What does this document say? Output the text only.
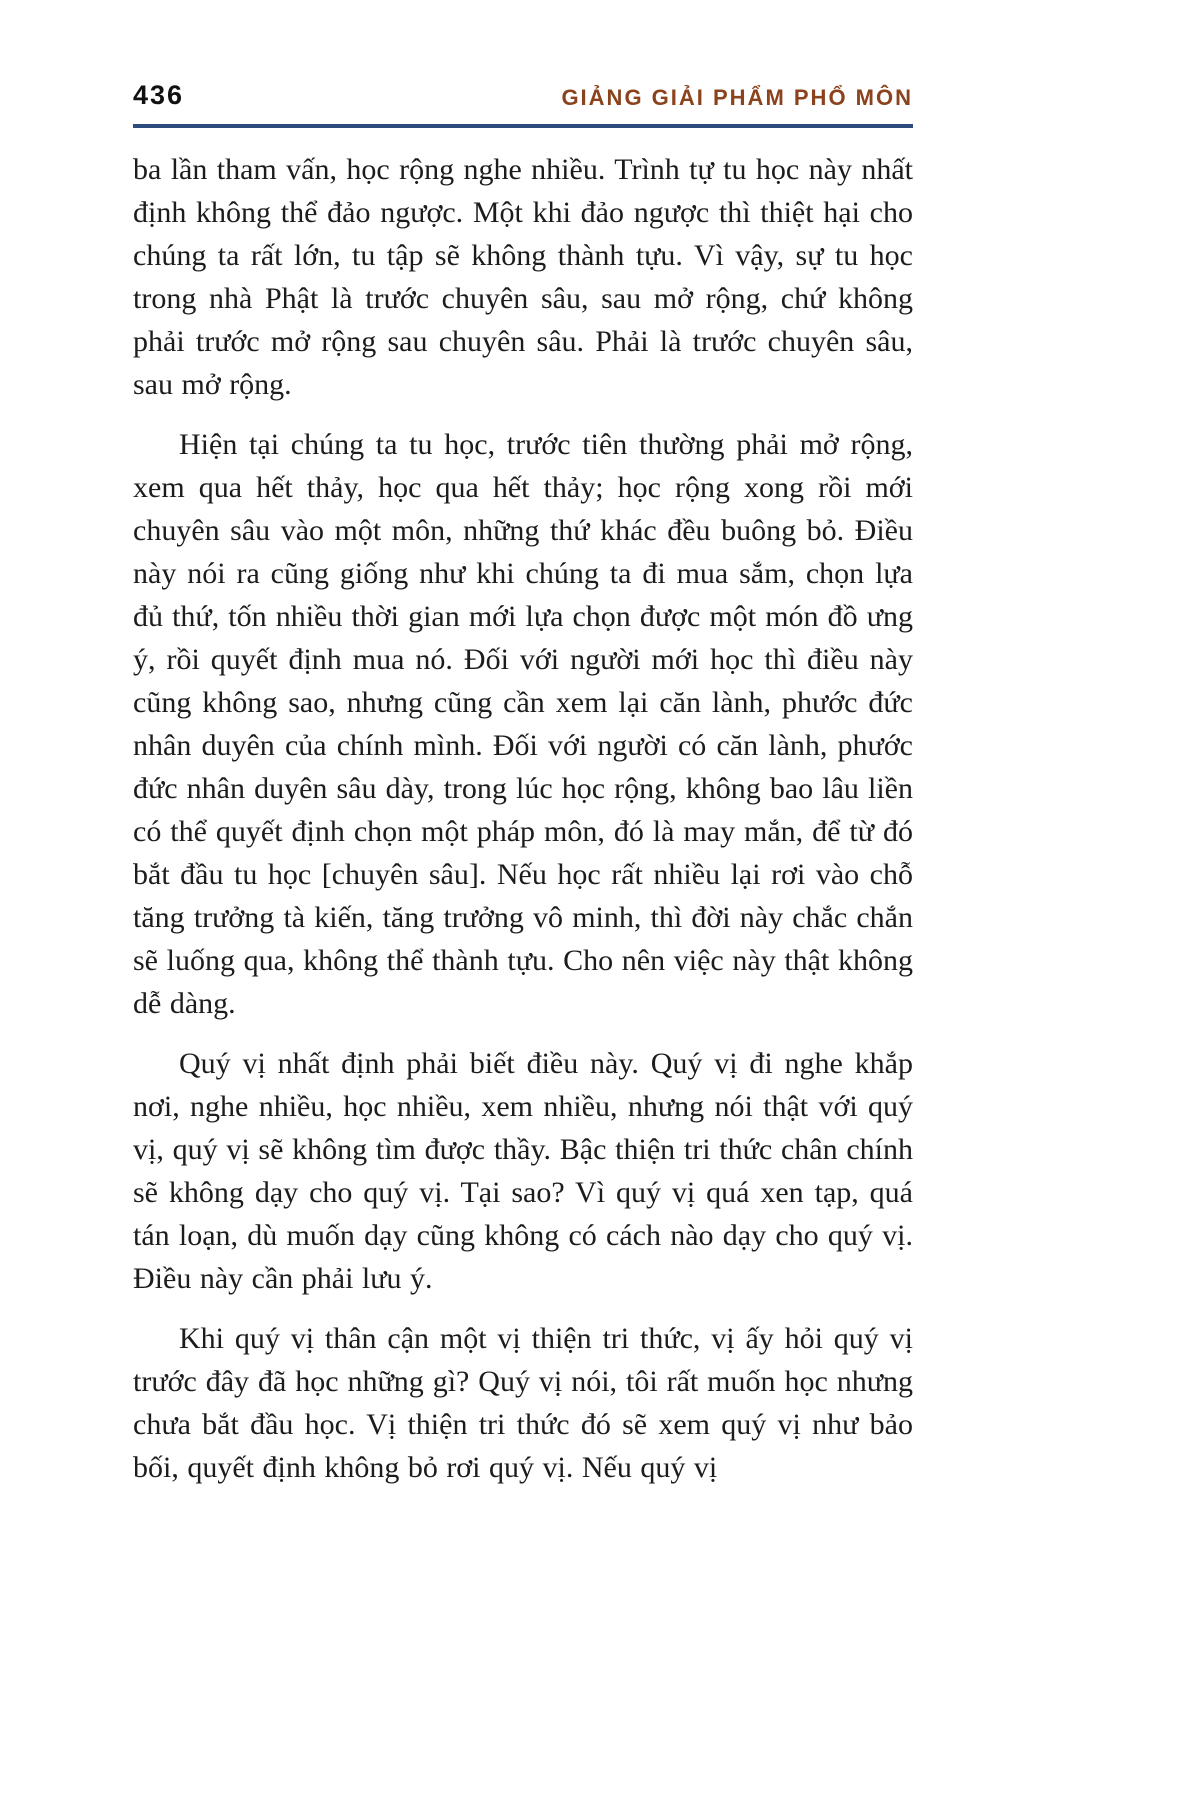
436	GIẢNG GIẢI PHẨM PHỔ MÔN

ba lần tham vấn, học rộng nghe nhiều. Trình tự tu học này nhất định không thể đảo ngược. Một khi đảo ngược thì thiệt hại cho chúng ta rất lớn, tu tập sẽ không thành tựu. Vì vậy, sự tu học trong nhà Phật là trước chuyên sâu, sau mở rộng, chứ không phải trước mở rộng sau chuyên sâu. Phải là trước chuyên sâu, sau mở rộng.

Hiện tại chúng ta tu học, trước tiên thường phải mở rộng, xem qua hết thảy, học qua hết thảy; học rộng xong rồi mới chuyên sâu vào một môn, những thứ khác đều buông bỏ. Điều này nói ra cũng giống như khi chúng ta đi mua sắm, chọn lựa đủ thứ, tốn nhiều thời gian mới lựa chọn được một món đồ ưng ý, rồi quyết định mua nó. Đối với người mới học thì điều này cũng không sao, nhưng cũng cần xem lại căn lành, phước đức nhân duyên của chính mình. Đối với người có căn lành, phước đức nhân duyên sâu dày, trong lúc học rộng, không bao lâu liền có thể quyết định chọn một pháp môn, đó là may mắn, để từ đó bắt đầu tu học [chuyên sâu]. Nếu học rất nhiều lại rơi vào chỗ tăng trưởng tà kiến, tăng trưởng vô minh, thì đời này chắc chắn sẽ luống qua, không thể thành tựu. Cho nên việc này thật không dễ dàng.

Quý vị nhất định phải biết điều này. Quý vị đi nghe khắp nơi, nghe nhiều, học nhiều, xem nhiều, nhưng nói thật với quý vị, quý vị sẽ không tìm được thầy. Bậc thiện tri thức chân chính sẽ không dạy cho quý vị. Tại sao? Vì quý vị quá xen tạp, quá tán loạn, dù muốn dạy cũng không có cách nào dạy cho quý vị. Điều này cần phải lưu ý.

Khi quý vị thân cận một vị thiện tri thức, vị ấy hỏi quý vị trước đây đã học những gì? Quý vị nói, tôi rất muốn học nhưng chưa bắt đầu học. Vị thiện tri thức đó sẽ xem quý vị như bảo bối, quyết định không bỏ rơi quý vị. Nếu quý vị
